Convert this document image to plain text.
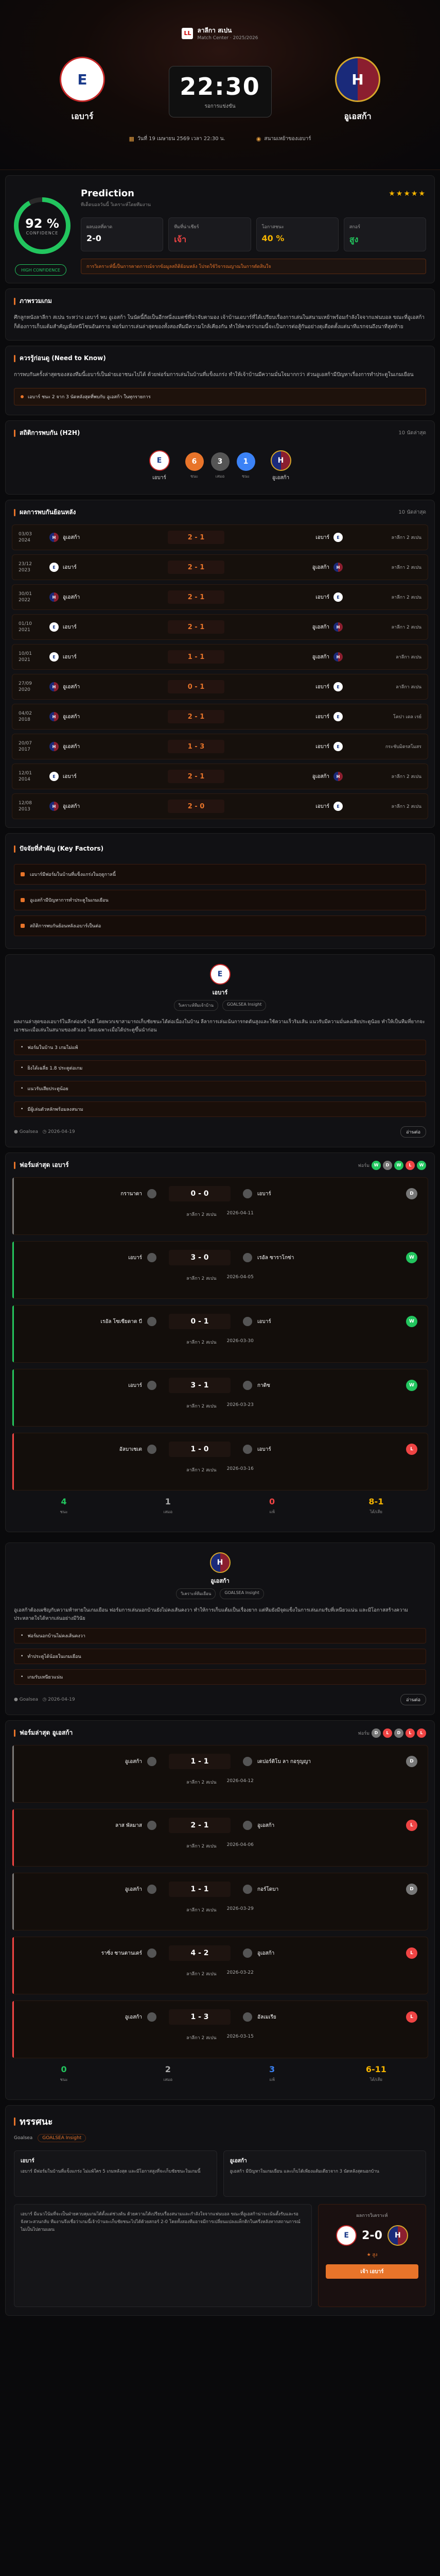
LL ลาลีกา สเปน
Match Center · 2025/2026
E
เอบาร์
22:30
รอการแข่งขัน
H
อูเอสก้า
▦ วันที่ 19 เมษายน 2569 เวลา 22:30 น.	◉ สนามเหย้าของเอบาร์
92 %
CONFIDENCE
HIGH CONFIDENCE
Prediction	★★★★★
ทีเด็ดบอลวันนี้ วิเคราะห์โดยทีมงาน
ผลบอลที่คาด
2-0
ทีมที่น่าเชียร์
เจ้า
โอกาสชนะ
40 %
สกอร์
สูง
การวิเคราะห์นี้เป็นการคาดการณ์จากข้อมูลสถิติย้อนหลัง โปรดใช้วิจารณญาณในการตัดสินใจ
ภาพรวมเกม
ศึกลูกหนังลาลีกา สเปน ระหว่าง เอบาร์ พบ อูเอสก้า ในนัดนี้ถือเป็นอีกหนึ่งแมตช์ที่น่าจับตามอง เจ้าบ้านเอบาร์ที่ได้เปรียบเรื่องการเล่นในสนามเหย้าพร้อมกำลังใจจากแฟนบอล ขณะที่อูเอสก้าก็ต้องการเก็บแต้มสำคัญเพื่อหนีโซนอันตราย ฟอร์มการเล่นล่าสุดของทั้งสองทีมมีความใกล้เคียงกัน ทำให้คาดว่าเกมนี้จะเป็นการต่อสู้กันอย่างดุเดือดตั้งแต่นาทีแรกจนถึงนาทีสุดท้าย
ควรรู้ก่อนดู (Need to Know)
การพบกันครั้งล่าสุดของสองทีมนี้เอบาร์เป็นฝ่ายเอาชนะไปได้ ด้วยฟอร์มการเล่นในบ้านที่แข็งแกร่ง ทำให้เจ้าบ้านมีความมั่นใจมากกว่า ส่วนอูเอสก้ามีปัญหาเรื่องการทำประตูในเกมเยือน
เอบาร์ ชนะ 2 จาก 3 นัดหลังสุดที่พบกับ อูเอสก้า ในทุกรายการ
สถิติการพบกัน (H2H)	10 นัดล่าสุด
E
เอบาร์
6
ชนะ
3
เสมอ
1
ชนะ
H
อูเอสก้า
ผลการพบกันย้อนหลัง	10 นัดล่าสุด
03/03
2024
H	อูเอสก้า	2 - 1	เอบาร์	E	ลาลีกา 2 สเปน
23/12
2023
E	เอบาร์	2 - 1	อูเอสก้า	H	ลาลีกา 2 สเปน
30/01
2022
H	อูเอสก้า	2 - 1	เอบาร์	E	ลาลีกา 2 สเปน
01/10
2021
E	เอบาร์	2 - 1	อูเอสก้า	H	ลาลีกา 2 สเปน
10/01
2021
E	เอบาร์	1 - 1	อูเอสก้า	H	ลาลีกา สเปน
27/09
2020
H	อูเอสก้า	0 - 1	เอบาร์	E	ลาลีกา สเปน
04/02
2018
H	อูเอสก้า	2 - 1	เอบาร์	E	โคปา เดล เรย์
20/07
2017
H	อูเอสก้า	1 - 3	เอบาร์	E	กระชับมิตรสโมสร
12/01
2014
E	เอบาร์	2 - 1	อูเอสก้า	H	ลาลีกา 2 สเปน
12/08
2013
H	อูเอสก้า	2 - 0	เอบาร์	E	ลาลีกา 2 สเปน
ปัจจัยที่สำคัญ (Key Factors)
เอบาร์มีฟอร์มในบ้านที่แข็งแกร่งในฤดูกาลนี้
อูเอสก้ามีปัญหาการทำประตูในเกมเยือน
สถิติการพบกันย้อนหลังเอบาร์เป็นต่อ
E
เอบาร์
วิเคราะห์ทีมเจ้าบ้าน	GOALSEA Insight
ผลงานล่าสุดของเอบาร์ในลีกค่อนข้างดี โดยพวกเขาสามารถเก็บชัยชนะได้ต่อเนื่องในบ้าน ลีลาการเล่นเน้นการกดดันสูงและใช้ความเร็วริมเส้น แนวรับมีความมั่นคงเสียประตูน้อย ทำให้เป็นทีมที่ยากจะเอาชนะเมื่อเล่นในสนามของตัวเอง โดยเฉพาะเมื่อได้ประตูขึ้นนำก่อน
• ฟอร์มในบ้าน 3 เกมไม่แพ้
• ยิงได้เฉลี่ย 1.8 ประตูต่อเกม
• แนวรับเสียประตูน้อย
• มีผู้เล่นตัวหลักพร้อมลงสนาม
● Goalsea   ◷ 2026-04-19	อ่านต่อ
ฟอร์มล่าสุด เอบาร์	ฟอร์ม	W	D	W	L	W
กรานาดา	0 - 0	เอบาร์	D
ลาลีกา 2 สเปน 2026-04-11
เอบาร์	3 - 0	เรอัล ซาราโกซ่า	W
ลาลีกา 2 สเปน 2026-04-05
เรอัล โซเซียดาด บี	0 - 1	เอบาร์	W
ลาลีกา 2 สเปน 2026-03-30
เอบาร์	3 - 1	กาดิซ	W
ลาลีกา 2 สเปน 2026-03-23
อัลบาเซเต	1 - 0	เอบาร์	L
ลาลีกา 2 สเปน 2026-03-16
4
ชนะ
1
เสมอ
0
แพ้
8-1
ได้/เสีย
H
อูเอสก้า
วิเคราะห์ทีมเยือน	GOALSEA Insight
อูเอสก้าต้องเผชิญกับความท้าทายในเกมเยือน ฟอร์มการเล่นนอกบ้านยังไม่คงเส้นคงวา ทำให้การเก็บแต้มเป็นเรื่องยาก แต่ทีมยังมีจุดแข็งในการเล่นเกมรับที่เหนียวแน่น และมีโอกาสสร้างความประหลาดใจได้หากเล่นอย่างมีวินัย
• ฟอร์มนอกบ้านไม่คงเส้นคงวา
• ทำประตูได้น้อยในเกมเยือน
• เกมรับเหนียวแน่น
● Goalsea   ◷ 2026-04-19	อ่านต่อ
ฟอร์มล่าสุด อูเอสก้า	ฟอร์ม	D	L	D	L	L
อูเอสก้า	1 - 1	เดปอร์ติโบ ลา กอรุญญา	D
ลาลีกา 2 สเปน 2026-04-12
ลาส พัลมาส	2 - 1	อูเอสก้า	L
ลาลีกา 2 สเปน 2026-04-06
อูเอสก้า	1 - 1	กอร์โดบา	D
ลาลีกา 2 สเปน 2026-03-29
ราซิ่ง ซานตานเดร์	4 - 2	อูเอสก้า	L
ลาลีกา 2 สเปน 2026-03-22
อูเอสก้า	1 - 3	อัลเมเรีย	L
ลาลีกา 2 สเปน 2026-03-15
0
ชนะ
2
เสมอ
3
แพ้
6-11
ได้/เสีย
ทรรศนะ
Goalsea	GOALSEA Insight
เอบาร์
เอบาร์ มีฟอร์มในบ้านที่แข็งแกร่ง ไม่แพ้ใคร 5 เกมหลังสุด และมีโอกาสสูงที่จะเก็บชัยชนะในเกมนี้
อูเอสก้า
อูเอสก้า มีปัญหาในเกมเยือน และเก็บได้เพียงแต้มเดียวจาก 3 นัดหลังสุดนอกบ้าน
เอบาร์ มีแนวโน้มที่จะเป็นฝ่ายควบคุมเกมได้ตั้งแต่ช่วงต้น ด้วยความได้เปรียบเรื่องสนามและกำลังใจจากแฟนบอล ขณะที่อูเอสก้าน่าจะเน้นตั้งรับและรอจังหวะสวนกลับ ทีมงานจึงเชื่อว่าเกมนี้เจ้าบ้านจะเก็บชัยชนะไปได้ด้วยสกอร์ 2-0 โดยทั้งสองทีมอาจมีการเปลี่ยนแปลงแท็กติกในครึ่งหลังหากสถานการณ์ไม่เป็นไปตามแผน
ผลการวิเคราะห์
E	2-0	H
★ สูง
เจ้า เอบาร์
